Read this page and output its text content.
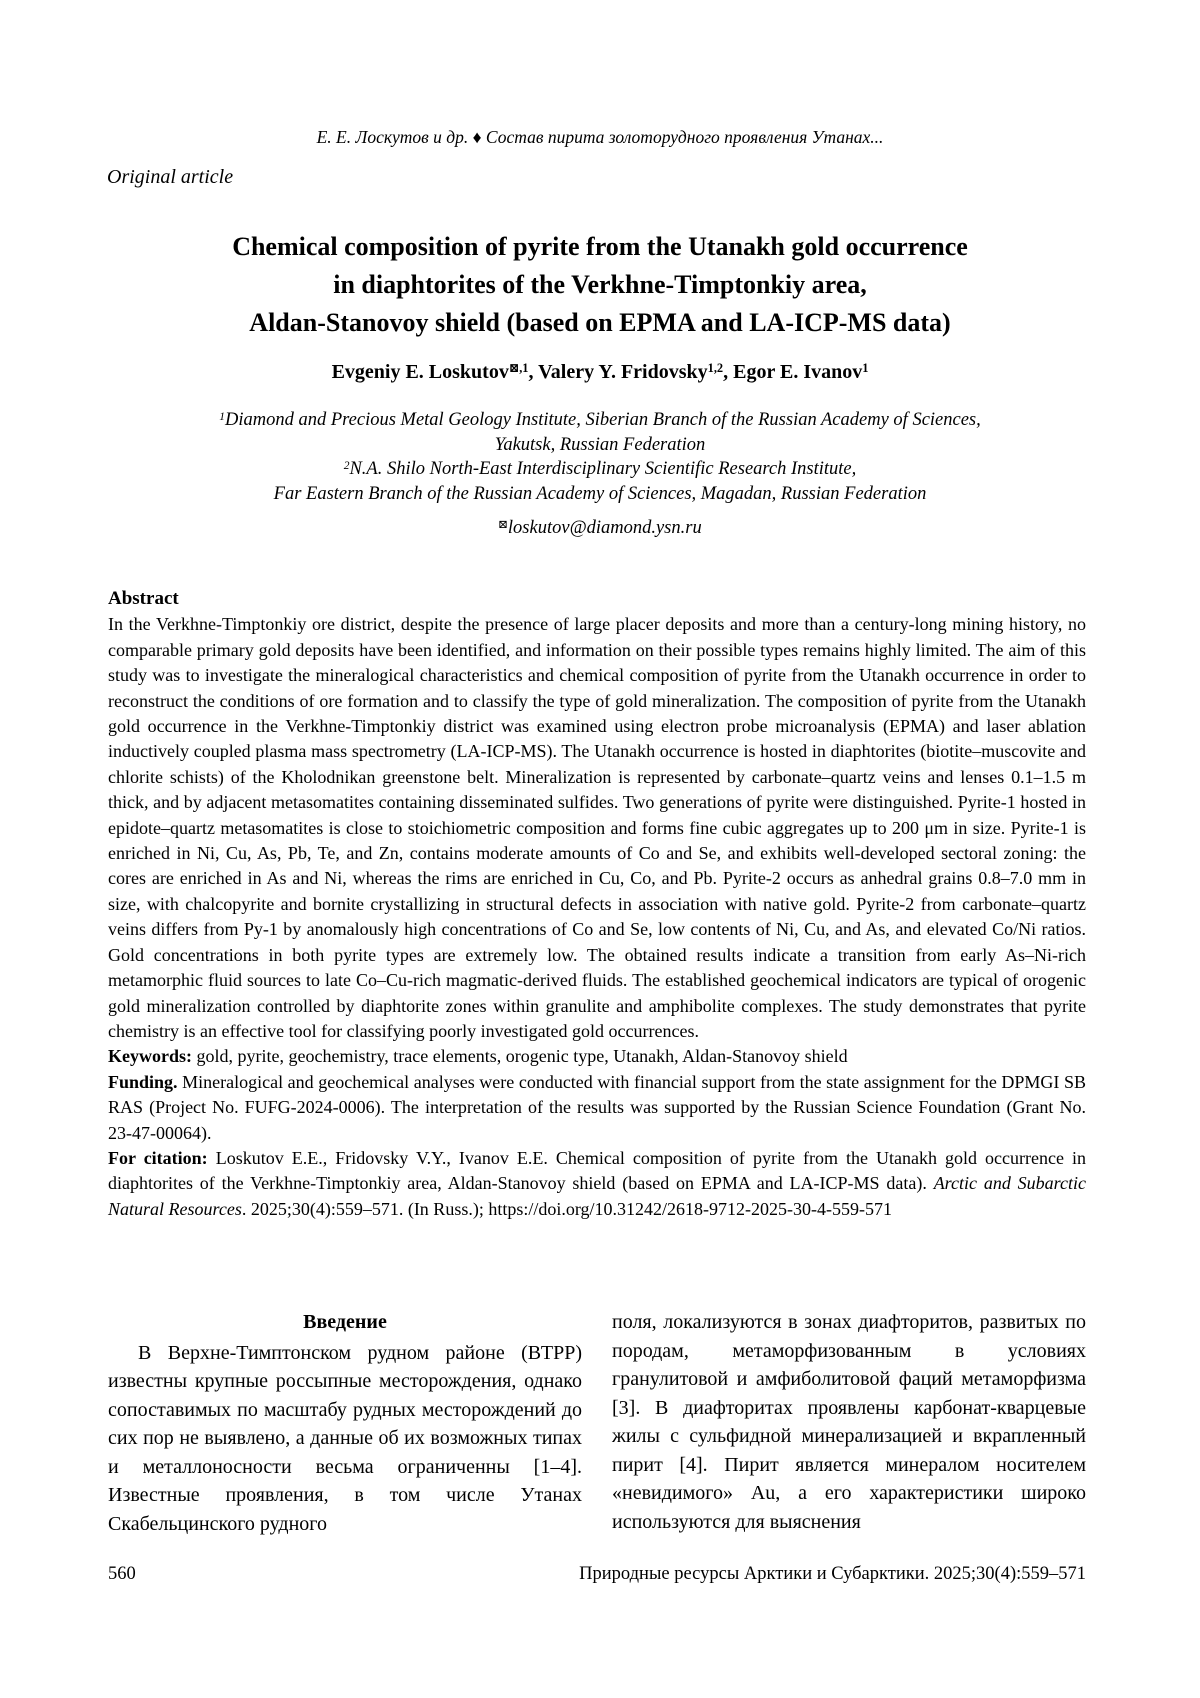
Е. Е. Лоскутов и др. ♦ Состав пирита золоторудного проявления Утанах...
Original article
Chemical composition of pyrite from the Utanakh gold occurrence
in diaphtorites of the Verkhne-Timptonkiy area,
Aldan-Stanovoy shield (based on EPMA and LA-ICP-MS data)
Evgeniy E. Loskutov$^{⊠,1}$, Valery Y. Fridovsky$^{1,2}$, Egor E. Ivanov$^1$
$^1$Diamond and Precious Metal Geology Institute, Siberian Branch of the Russian Academy of Sciences,
Yakutsk, Russian Federation
$^2$N.A. Shilo North-East Interdisciplinary Scientific Research Institute,
Far Eastern Branch of the Russian Academy of Sciences, Magadan, Russian Federation
⊠loskutov@diamond.ysn.ru
Abstract

In the Verkhne-Timptonkiy ore district, despite the presence of large placer deposits and more than a century-long mining history, no comparable primary gold deposits have been identified, and information on their possible types remains highly limited. The aim of this study was to investigate the mineralogical characteristics and chemical composition of pyrite from the Utanakh occurrence in order to reconstruct the conditions of ore formation and to classify the type of gold mineralization. The composition of pyrite from the Utanakh gold occurrence in the Verkhne-Timptonkiy district was examined using electron probe microanalysis (EPMA) and laser ablation inductively coupled plasma mass spectrometry (LA-ICP-MS). The Utanakh occurrence is hosted in diaphtorites (biotite–muscovite and chlorite schists) of the Kholodnikan greenstone belt. Mineralization is represented by carbonate–quartz veins and lenses 0.1–1.5 m thick, and by adjacent metasomatites containing disseminated sulfides. Two generations of pyrite were distinguished. Pyrite-1 hosted in epidote–quartz metasomatites is close to stoichiometric composition and forms fine cubic aggregates up to 200 μm in size. Pyrite-1 is enriched in Ni, Cu, As, Pb, Te, and Zn, contains moderate amounts of Co and Se, and exhibits well-developed sectoral zoning: the cores are enriched in As and Ni, whereas the rims are enriched in Cu, Co, and Pb. Pyrite-2 occurs as anhedral grains 0.8–7.0 mm in size, with chalcopyrite and bornite crystallizing in structural defects in association with native gold. Pyrite-2 from carbonate–quartz veins differs from Py-1 by anomalously high concentrations of Co and Se, low contents of Ni, Cu, and As, and elevated Co/Ni ratios. Gold concentrations in both pyrite types are extremely low. The obtained results indicate a transition from early As–Ni-rich metamorphic fluid sources to late Co–Cu-rich magmatic-derived fluids. The established geochemical indicators are typical of orogenic gold mineralization controlled by diaphtorite zones within granulite and amphibolite complexes. The study demonstrates that pyrite chemistry is an effective tool for classifying poorly investigated gold occurrences.

Keywords: gold, pyrite, geochemistry, trace elements, orogenic type, Utanakh, Aldan-Stanovoy shield

Funding. Mineralogical and geochemical analyses were conducted with financial support from the state assignment for the DPMGI SB RAS (Project No. FUFG-2024-0006). The interpretation of the results was supported by the Russian Science Foundation (Grant No. 23-47-00064).

For citation: Loskutov E.E., Fridovsky V.Y., Ivanov E.E. Chemical composition of pyrite from the Utanakh gold occurrence in diaphtorites of the Verkhne-Timptonkiy area, Aldan-Stanovoy shield (based on EPMA and LA-ICP-MS data). Arctic and Subarctic Natural Resources. 2025;30(4):559–571. (In Russ.); https://doi.org/10.31242/2618-9712-2025-30-4-559-571

Введение

В Верхне-Тимптонском рудном районе (ВТРР) известны крупные россыпные месторождения, однако сопоставимых по масштабу рудных месторождений до сих пор не выявлено, а данные об их возможных типах и металлоносности весьма ограниченны [1–4]. Известные проявления, в том числе Утанах Скабельцинского рудного

поля, локализуются в зонах диафторитов, развитых по породам, метаморфизованным в условиях гранулитовой и амфиболитовой фаций метаморфизма [3]. В диафторитах проявлены карбонат-кварцевые жилы с сульфидной минерализацией и вкрапленный пирит [4]. Пирит является минералом носителем «невидимого» Au, а его характеристики широко используются для выяснения

560	Природные ресурсы Арктики и Субарктики. 2025;30(4):559–571
